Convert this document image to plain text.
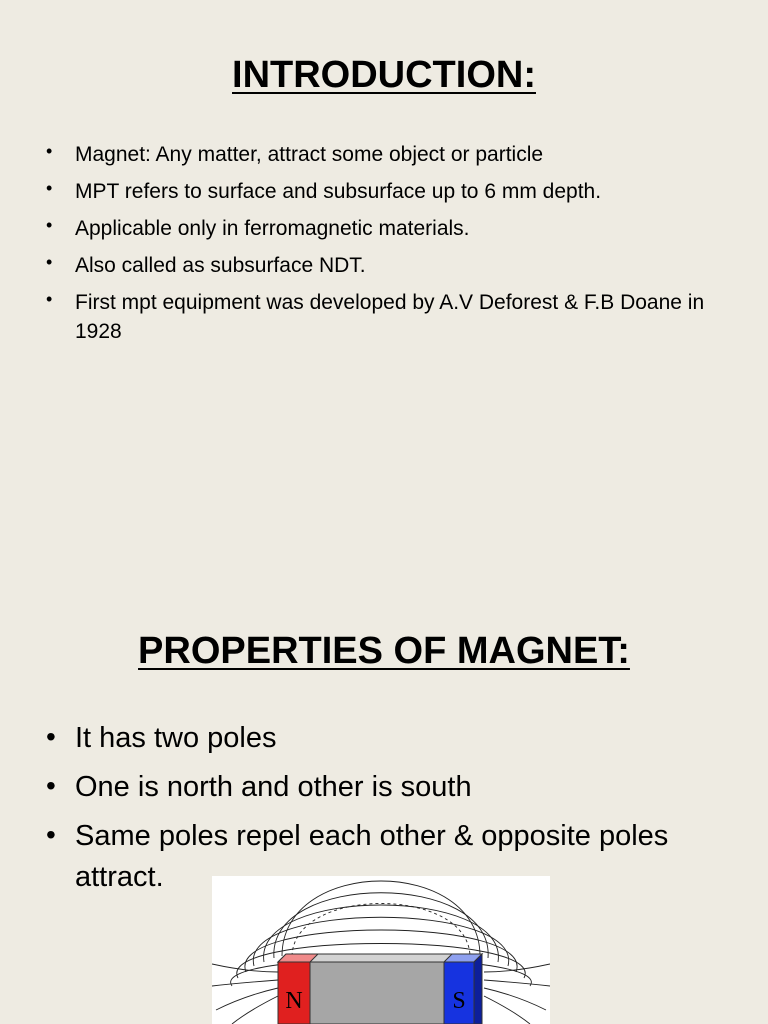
INTRODUCTION:
• Magnet: Any matter, attract some object or particle
• MPT refers to surface and subsurface up to 6 mm depth.
• Applicable only in ferromagnetic materials.
• Also called as subsurface NDT.
• First mpt equipment was developed by A.V Deforest & F.B Doane in 1928
PROPERTIES OF MAGNET:
• It has two poles
• One is north and other is south
• Same poles repel each other & opposite poles attract.
N	S
